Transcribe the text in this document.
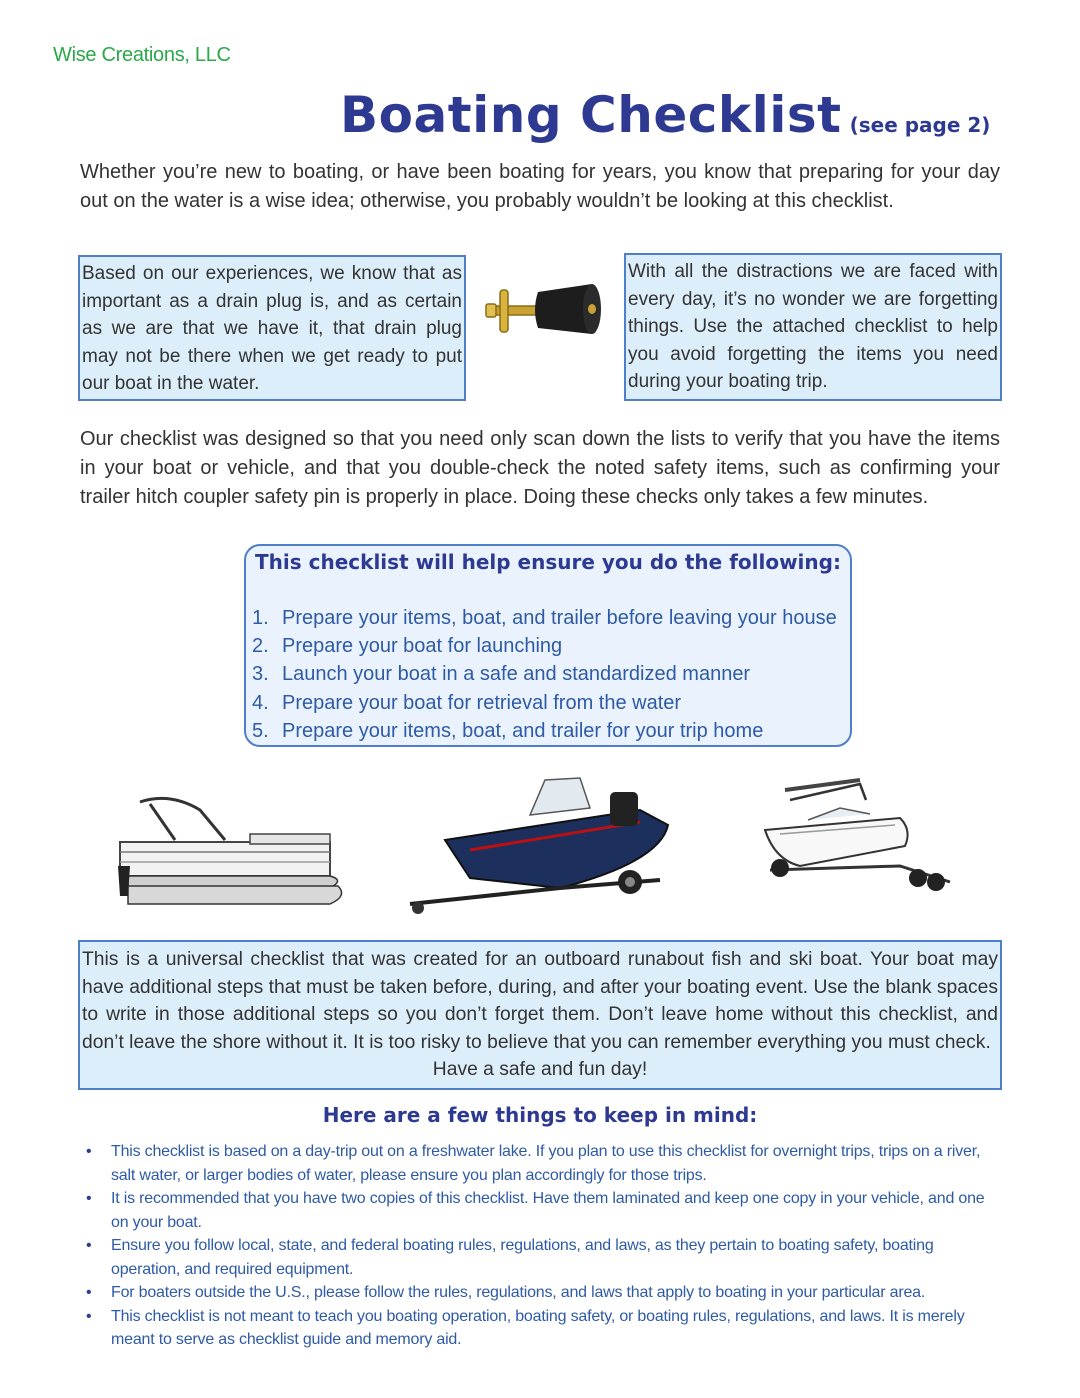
Wise Creations, LLC
Boating Checklist (see page 2)
Whether you’re new to boating, or have been boating for years, you know that preparing for your day out on the water is a wise idea; otherwise, you probably wouldn’t be looking at this checklist.
Based on our experiences, we know that as important as a drain plug is, and as certain as we are that we have it, that drain plug may not be there when we get ready to put our boat in the water.
With all the distractions we are faced with every day, it’s no wonder we are forgetting things. Use the attached checklist to help you avoid forgetting the items you need during your boating trip.
Our checklist was designed so that you need only scan down the lists to verify that you have the items in your boat or vehicle, and that you double-check the noted safety items, such as confirming your trailer hitch coupler safety pin is properly in place. Doing these checks only takes a few minutes.
This checklist will help ensure you do the following:
1. Prepare your items, boat, and trailer before leaving your house
2. Prepare your boat for launching
3. Launch your boat in a safe and standardized manner
4. Prepare your boat for retrieval from the water
5. Prepare your items, boat, and trailer for your trip home
This is a universal checklist that was created for an outboard runabout fish and ski boat. Your boat may have additional steps that must be taken before, during, and after your boating event. Use the blank spaces to write in those additional steps so you don’t forget them. Don’t leave home without this checklist, and don’t leave the shore without it. It is too risky to believe that you can remember everything you must check.
Have a safe and fun day!
Here are a few things to keep in mind:
• This checklist is based on a day-trip out on a freshwater lake. If you plan to use this checklist for overnight trips, trips on a river, salt water, or larger bodies of water, please ensure you plan accordingly for those trips.
• It is recommended that you have two copies of this checklist. Have them laminated and keep one copy in your vehicle, and one on your boat.
• Ensure you follow local, state, and federal boating rules, regulations, and laws, as they pertain to boating safety, boating operation, and required equipment.
• For boaters outside the U.S., please follow the rules, regulations, and laws that apply to boating in your particular area.
• This checklist is not meant to teach you boating operation, boating safety, or boating rules, regulations, and laws. It is merely meant to serve as checklist guide and memory aid.
